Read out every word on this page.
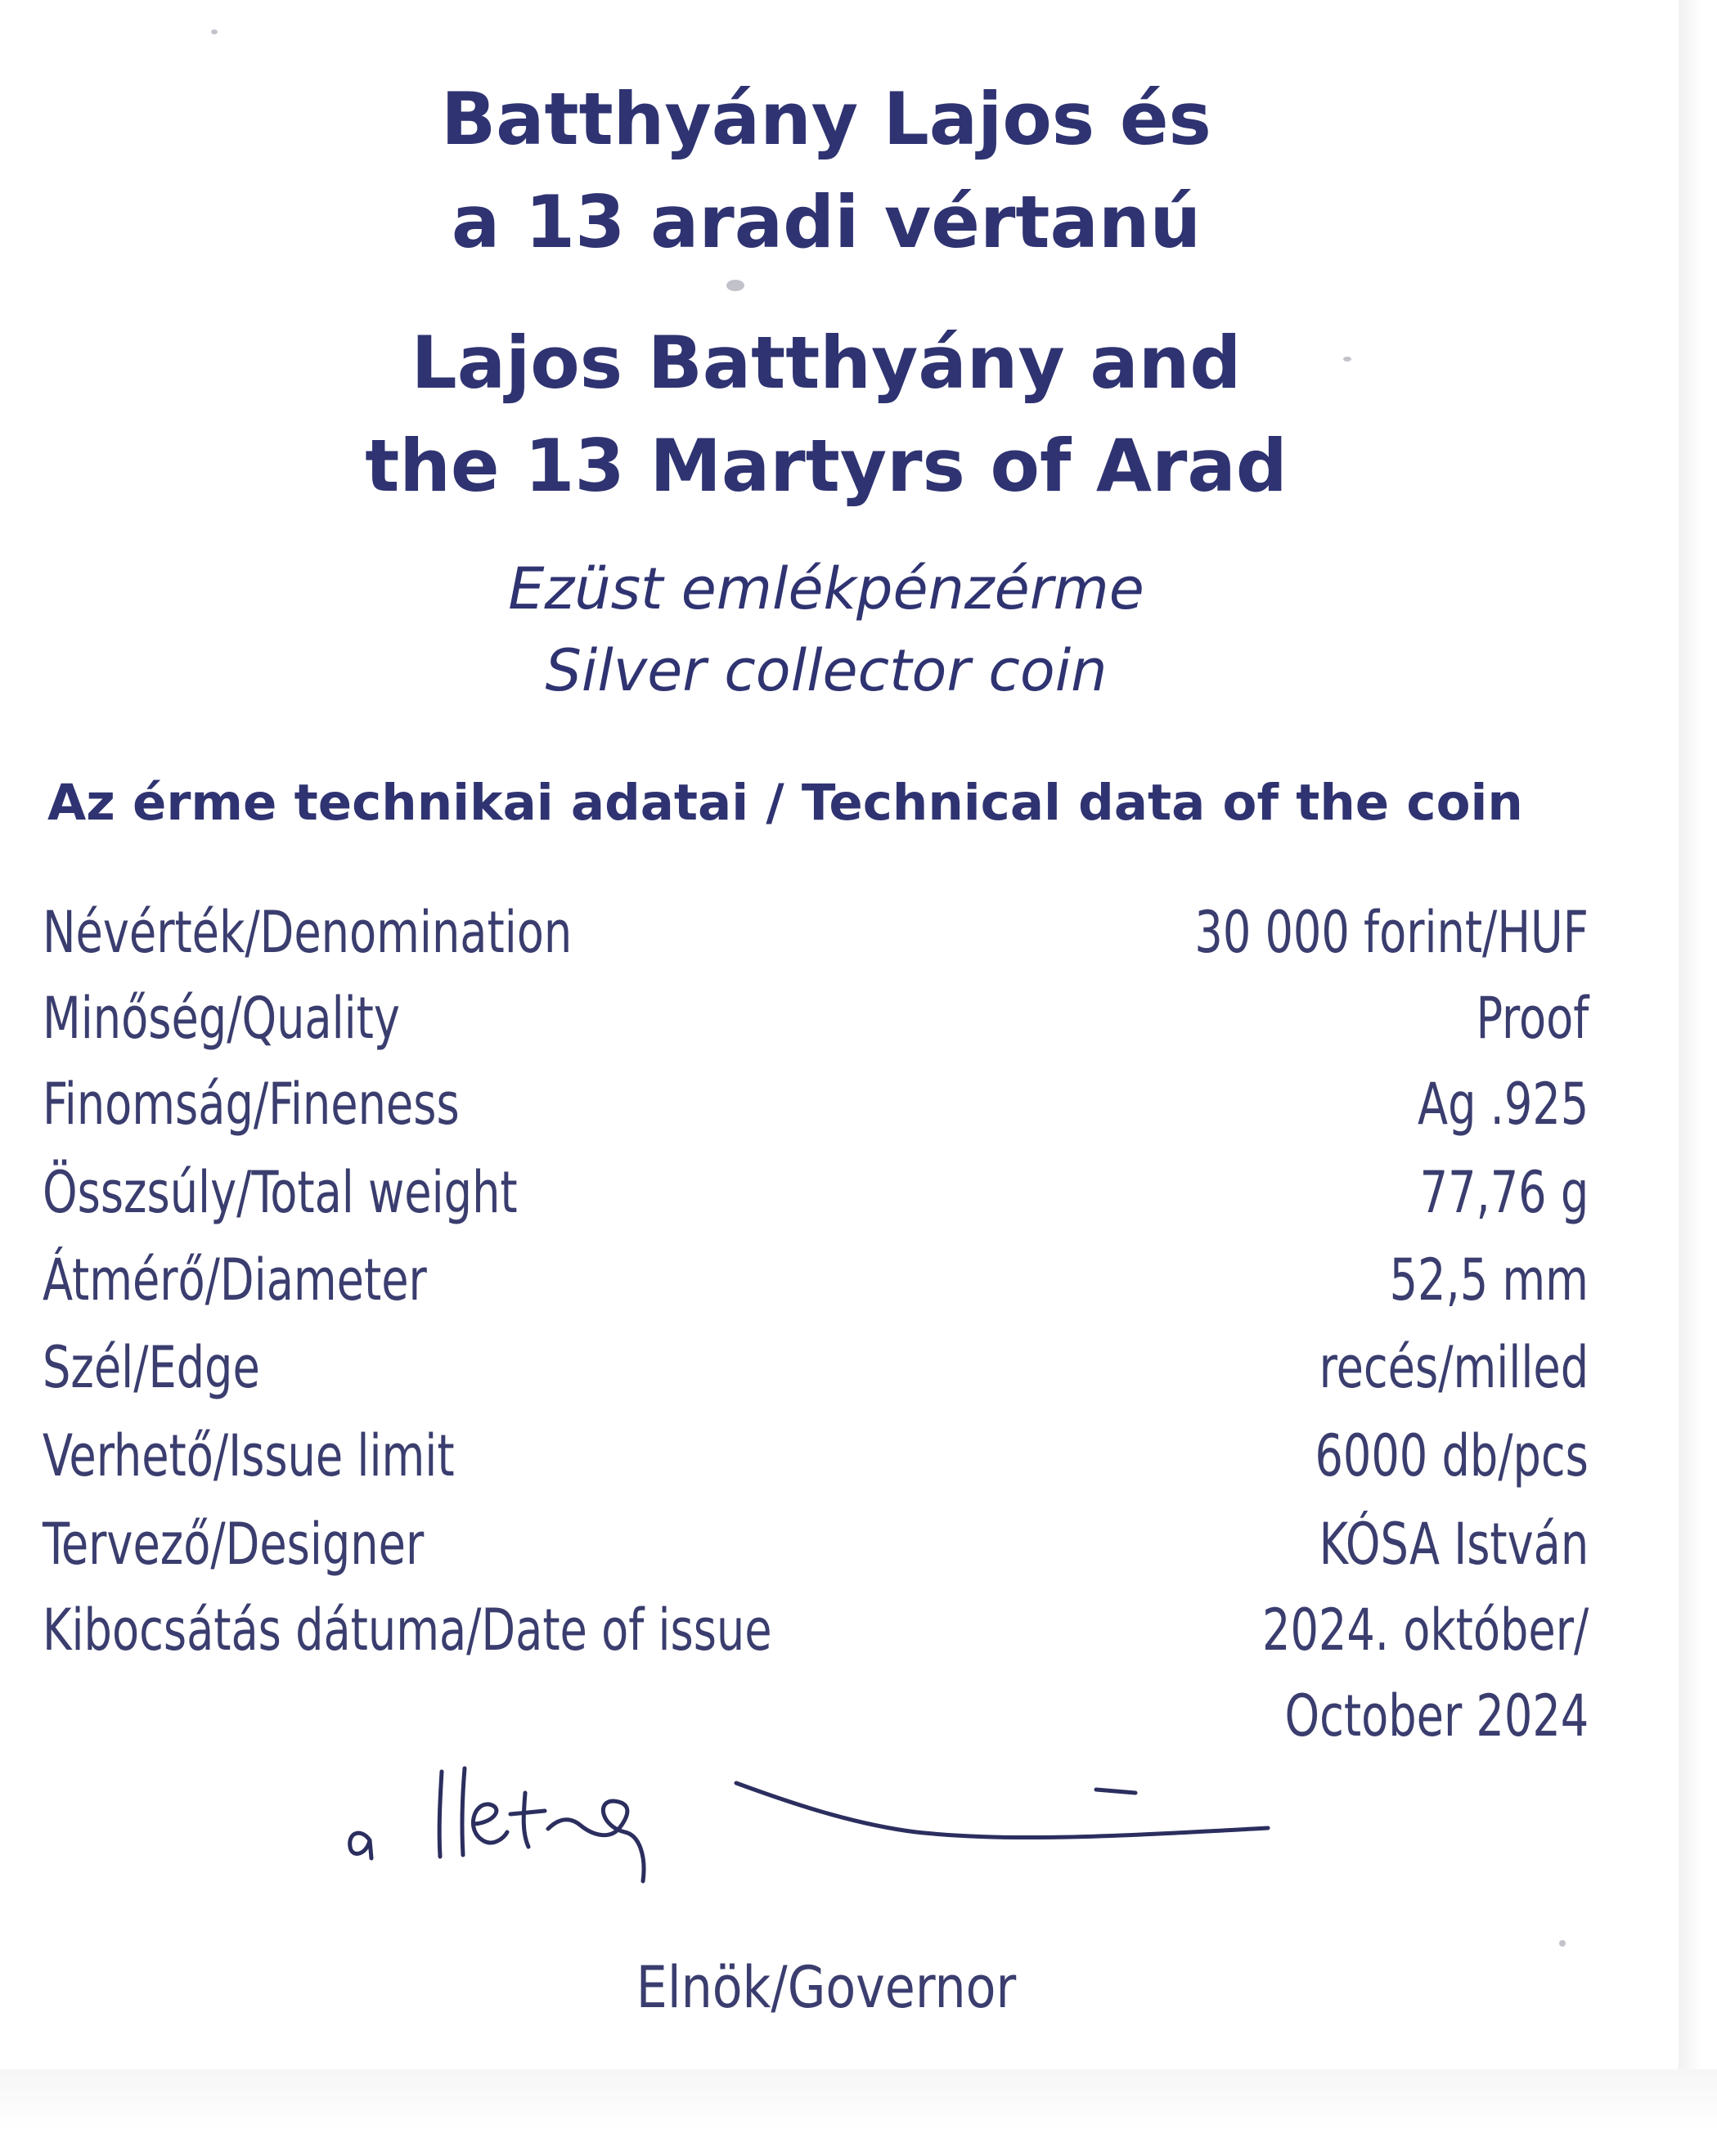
Batthyány Lajos és
a 13 aradi vértanú
Lajos Batthyány and
the 13 Martyrs of Arad
Ezüst emlékpénzérme
Silver collector coin
Az érme technikai adatai / Technical data of the coin
Névérték/Denomination	30 000 forint/HUF
Minőség/Quality	Proof
Finomság/Fineness	Ag .925
Összsúly/Total weight	77,76 g
Átmérő/Diameter	52,5 mm
Szél/Edge	recés/milled
Verhető/Issue limit	6000 db/pcs
Tervező/Designer	KÓSA István
Kibocsátás dátuma/Date of issue	2024. október/
October 2024
Elnök/Governor
